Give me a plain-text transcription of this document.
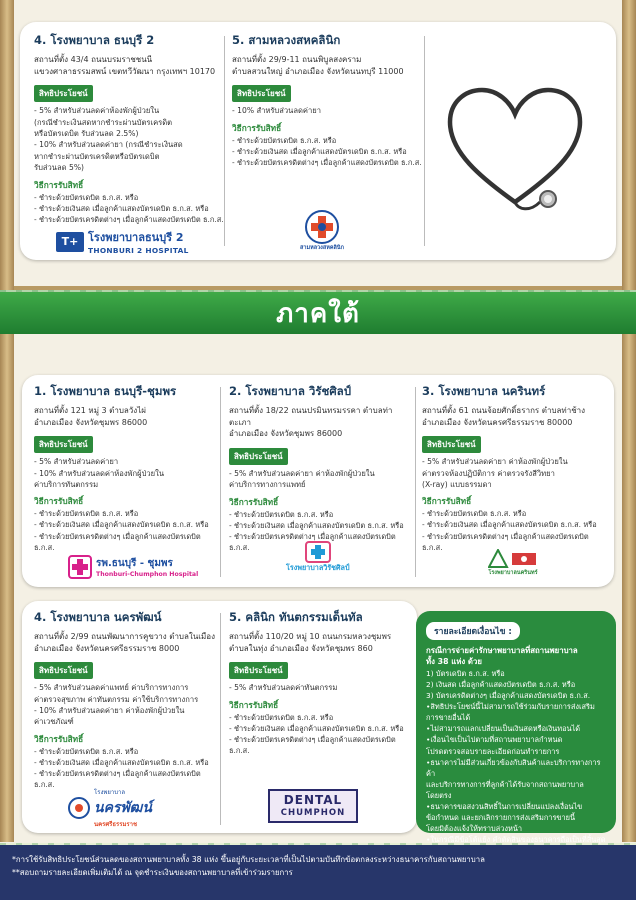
4. โรงพยาบาล ธนบุรี 2
สถานที่ตั้ง 43/4 ถนนบรมราชชนนี
แขวงศาลาธรรมสพน์ เขตทวีวัฒนา กรุงเทพฯ 10170
สิทธิประโยชน์
- 5% สำหรับส่วนลดค่าห้องพักผู้ป่วยใน
(กรณีชำระเงินสดหากชำระผ่านบัตรเครดิต
หรือบัตรเดบิต รับส่วนลด 2.5%)
- 10% สำหรับส่วนลดค่ายา (กรณีชำระเงินสด
หากชำระผ่านบัตรเครดิตหรือบัตรเดบิต
รับส่วนลด 5%)
วิธีการรับสิทธิ์
- ชำระด้วยบัตรเดบิต ธ.ก.ส. หรือ
- ชำระด้วยเงินสด เมื่อลูกค้าแสดงบัตรเดบิต ธ.ก.ส. หรือ
- ชำระด้วยบัตรเครดิตต่างๆ เมื่อลูกค้าแสดงบัตรเดบิต ธ.ก.ส.
T+ โรงพยาบาลธนบุรี 2
THONBURI 2 HOSPITAL
5. สามหลวงสหคลินิก
สถานที่ตั้ง 29/9-11 ถนนพิบูลสงคราม
ตำบลสวนใหญ่ อำเภอเมือง จังหวัดนนทบุรี 11000
สิทธิประโยชน์
- 10% สำหรับส่วนลดค่ายา
วิธีการรับสิทธิ์
- ชำระด้วยบัตรเดบิต ธ.ก.ส. หรือ
- ชำระด้วยเงินสด เมื่อลูกค้าแสดงบัตรเดบิต ธ.ก.ส. หรือ
- ชำระด้วยบัตรเครดิตต่างๆ เมื่อลูกค้าแสดงบัตรเดบิต ธ.ก.ส.
สามหลวงสหคลินิก
ภาคใต้
1. โรงพยาบาล ธนบุรี-ชุมพร
สถานที่ตั้ง 121 หมู่ 3 ตำบลวังไผ่
อำเภอเมือง จังหวัดชุมพร 86000
สิทธิประโยชน์
- 5% สำหรับส่วนลดค่ายา
- 10% สำหรับส่วนลดค่าห้องพักผู้ป่วยใน
ค่าบริการทันตกรรม
วิธีการรับสิทธิ์
- ชำระด้วยบัตรเดบิต ธ.ก.ส. หรือ
- ชำระด้วยเงินสด เมื่อลูกค้าแสดงบัตรเดบิต ธ.ก.ส. หรือ
- ชำระด้วยบัตรเครดิตต่างๆ เมื่อลูกค้าแสดงบัตรเดบิต ธ.ก.ส.
รพ.ธนบุรี - ชุมพร
Thonburi-Chumphon Hospital
2. โรงพยาบาล วิรัชศิลป์
สถานที่ตั้ง 18/22 ถนนปรมินทรมรรคา ตำบลท่าตะเภา
อำเภอเมือง จังหวัดชุมพร 86000
สิทธิประโยชน์
- 5% สำหรับส่วนลดค่ายา ค่าห้องพักผู้ป่วยใน
ค่าบริการทางการแพทย์
วิธีการรับสิทธิ์
- ชำระด้วยบัตรเดบิต ธ.ก.ส. หรือ
- ชำระด้วยเงินสด เมื่อลูกค้าแสดงบัตรเดบิต ธ.ก.ส. หรือ
- ชำระด้วยบัตรเครดิตต่างๆ เมื่อลูกค้าแสดงบัตรเดบิต ธ.ก.ส.
โรงพยาบาลวิรัชศิลป์
3. โรงพยาบาล นครินทร์
สถานที่ตั้ง 61 ถนนจ้อยศักดิ์ธรากร ตำบลท่าช้าง
อำเภอเมือง จังหวัดนครศรีธรรมราช 80000
สิทธิประโยชน์
- 5% สำหรับส่วนลดค่ายา ค่าห้องพักผู้ป่วยใน
ค่าตรวจห้องปฏิบัติการ ค่าตรวจรังสีวิทยา
(X-ray) แบบธรรมดา
วิธีการรับสิทธิ์
- ชำระด้วยบัตรเดบิต ธ.ก.ส. หรือ
- ชำระด้วยเงินสด เมื่อลูกค้าแสดงบัตรเดบิต ธ.ก.ส. หรือ
- ชำระด้วยบัตรเครดิตต่างๆ เมื่อลูกค้าแสดงบัตรเดบิต ธ.ก.ส.
โรงพยาบาลนครินทร์
4. โรงพยาบาล นครพัฒน์
สถานที่ตั้ง 2/99 ถนนพัฒนาการคูขวาง ตำบลในเมือง
อำเภอเมือง จังหวัดนครศรีธรรมราช 8000
สิทธิประโยชน์
- 5% สำหรับส่วนลดค่าแพทย์ ค่าบริการทางการ
ค่าตรวจสุขภาพ ค่าทันตกรรม ค่าใช้บริการทางการ
- 10% สำหรับส่วนลดค่ายา ค่าห้องพักผู้ป่วยใน
ค่าเวชภัณฑ์
วิธีการรับสิทธิ์
- ชำระด้วยบัตรเดบิต ธ.ก.ส. หรือ
- ชำระด้วยเงินสด เมื่อลูกค้าแสดงบัตรเดบิต ธ.ก.ส. หรือ
- ชำระด้วยบัตรเครดิตต่างๆ เมื่อลูกค้าแสดงบัตรเดบิต ธ.ก.ส.
โรงพยาบาล
นครพัฒน์
นครศรีธรรมราช
5. คลินิก ทันตกรรมเด็นทัล
สถานที่ตั้ง 110/20 หมู่ 10 ถนนกรมหลวงชุมพร
ตำบลในทุ่ง อำเภอเมือง จังหวัดชุมพร 860
สิทธิประโยชน์
- 5% สำหรับส่วนลดค่าทันตกรรม
วิธีการรับสิทธิ์
- ชำระด้วยบัตรเดบิต ธ.ก.ส. หรือ
- ชำระด้วยเงินสด เมื่อลูกค้าแสดงบัตรเดบิต ธ.ก.ส. หรือ
- ชำระด้วยบัตรเครดิตต่างๆ เมื่อลูกค้าแสดงบัตรเดบิต ธ.ก.ส.
DENTAL
CHUMPHON
รายละเอียดเงื่อนไข :
กรณีการจ่ายค่ารักษาพยาบาลที่สถานพยาบาล
ทั้ง 38 แห่ง ด้วย
1) บัตรเดบิต ธ.ก.ส. หรือ
2) เงินสด เมื่อลูกค้าแสดงบัตรเดบิต ธ.ก.ส. หรือ
3) บัตรเครดิตต่างๆ เมื่อลูกค้าแสดงบัตรเดบิต ธ.ก.ส.
•สิทธิประโยชน์นี้ไม่สามารถใช้ร่วมกับรายการส่งเสริม
การขายอื่นได้
•ไม่สามารถแลกเปลี่ยนเป็นเงินสดหรือเงินทอนได้
•เงื่อนไขเป็นไปตามที่สถานพยาบาลกำหนด
โปรดตรวจสอบรายละเอียดก่อนทำรายการ
•ธนาคารไม่มีส่วนเกี่ยวข้องกับสินค้าและบริการทางการค้า
และบริการทางการที่ลูกค้าได้รับจากสถานพยาบาลโดยตรง
•ธนาคารขอสงวนสิทธิ์ในการเปลี่ยนแปลงเงื่อนไข
ข้อกำหนด และยกเลิกรายการส่งเสริมการขายนี้
โดยมิต้องแจ้งให้ทราบล่วงหน้า
•ในกรณีมีข้อโต้แย้ง คำตัดสินของธนาคารถือเป็นที่สิ้นสุด
*การใช้รับสิทธิประโยชน์ส่วนลดของสถานพยาบาลทั้ง 38 แห่ง ขึ้นอยู่กับระยะเวลาที่เป็นไปตามบันทึกข้อตกลงระหว่างธนาคารกับสถานพยาบาล
**สอบถามรายละเอียดเพิ่มเติมได้ ณ จุดชำระเงินของสถานพยาบาลที่เข้าร่วมรายการ
